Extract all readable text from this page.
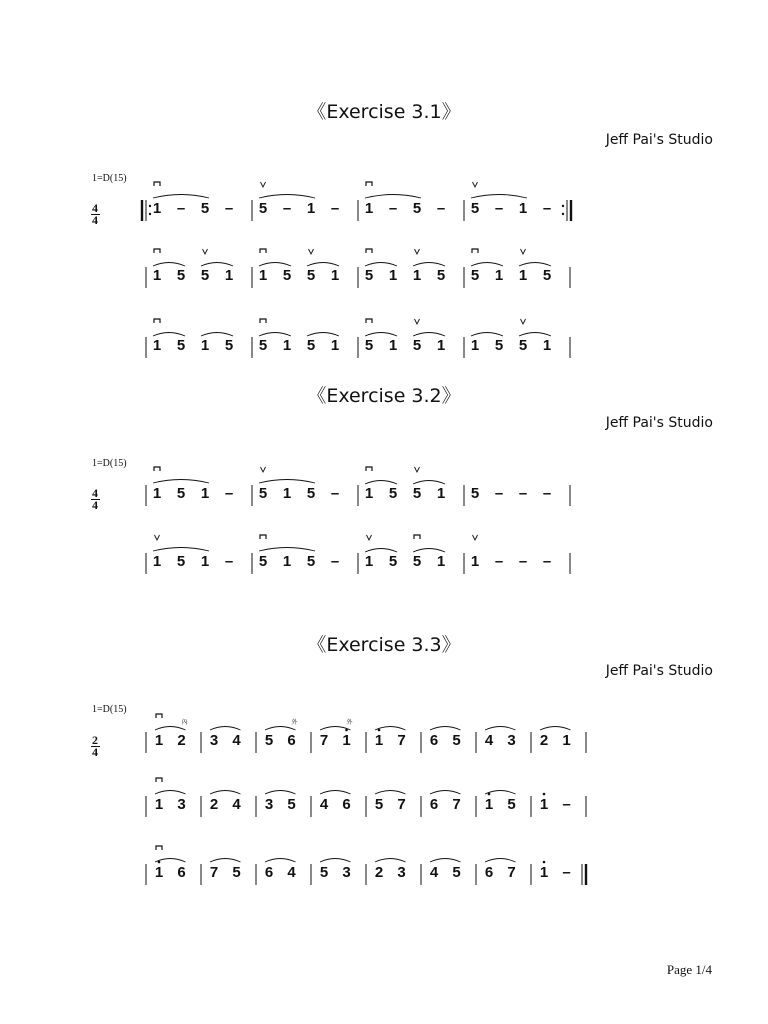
《Exercise 3.1》
Jeff Pai's Studio
1=D(15)
4
4
《Exercise 3.2》
Jeff Pai's Studio
1=D(15)
4
4
《Exercise 3.3》
Jeff Pai's Studio
1=D(15)
2
4
1 – 5 – 5 – 1 – 1 – 5 – 5 – 1 –
1 5 5 1 1 5 5 1 5 1 1 5 5 1 1 5
1 5 1 5 5 1 5 1 5 1 5 1 1 5 5 1
1 5 1 – 5 1 5 – 1 5 5 1 5 – – –
1 5 1 – 5 1 5 – 1 5 5 1 1 – – –
1 2
內
3 4 5 6
外
7 1
外
1 7 6 5 4 3 2 1
1 3 2 4 3 5 4 6 5 7 6 7 1 5 1 –
1 6 7 5 6 4 5 3 2 3 4 5 6 7 1 –
Page 1/4
